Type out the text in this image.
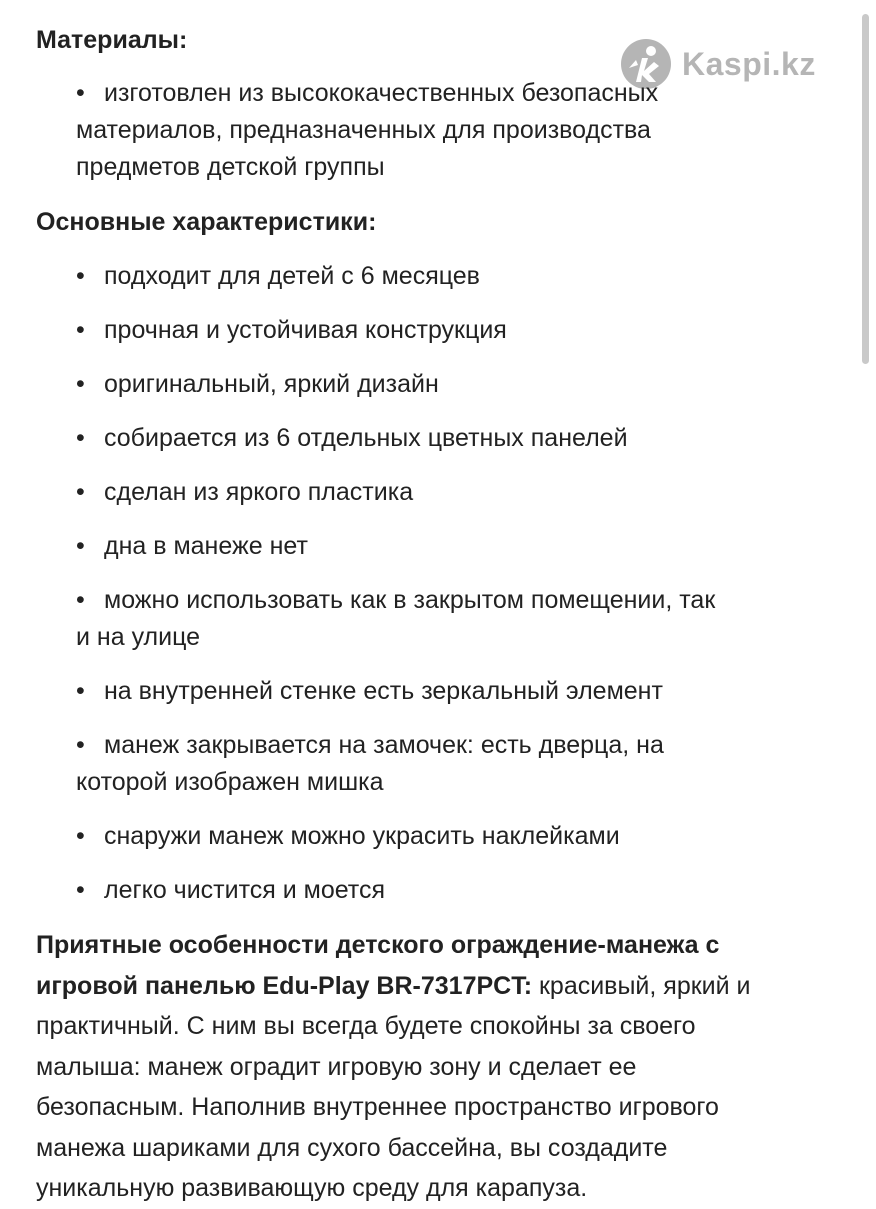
Kaspi.kz
Материалы:
• изготовлен из высококачественных безопасных
материалов, предназначенных для производства
предметов детской группы
Основные характеристики:
• подходит для детей с 6 месяцев
• прочная и устойчивая конструкция
• оригинальный, яркий дизайн
• собирается из 6 отдельных цветных панелей
• сделан из яркого пластика
• дна в манеже нет
• можно использовать как в закрытом помещении, так
и на улице
• на внутренней стенке есть зеркальный элемент
• манеж закрывается на замочек: есть дверца, на
которой изображен мишка
• снаружи манеж можно украсить наклейками
• легко чистится и моется
Приятные особенности детского ограждение-манежа с
игровой панелью Edu-Play BR-7317PCT: красивый, яркий и
практичный. С ним вы всегда будете спокойны за своего
малыша: манеж оградит игровую зону и сделает ее
безопасным. Наполнив внутреннее пространство игрового
манежа шариками для сухого бассейна, вы создадите
уникальную развивающую среду для карапуза.
